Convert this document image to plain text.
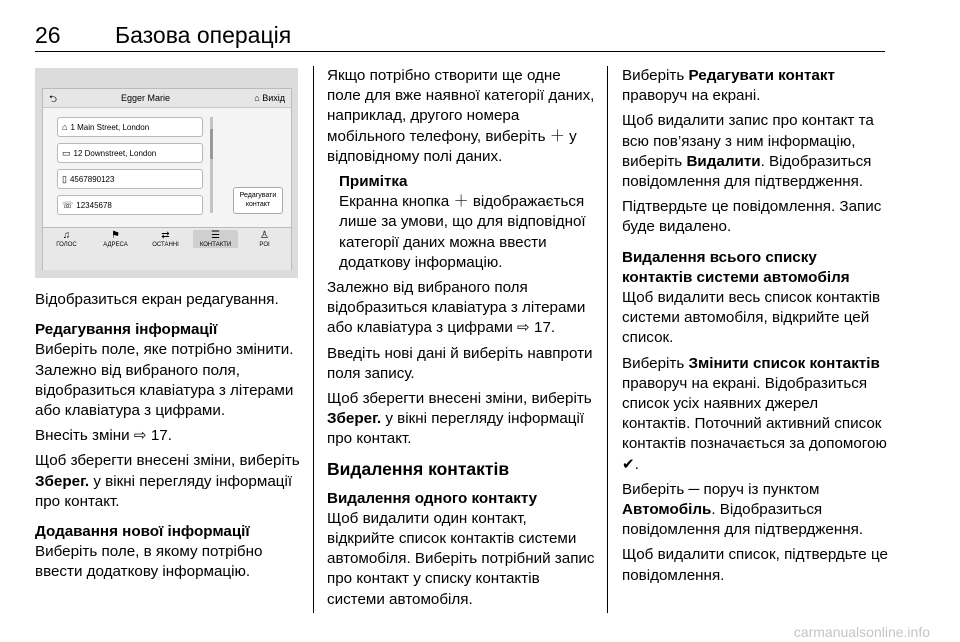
26 Базова операція
⮌	Egger Marie	⌂ Вихід
⌂ 1 Main Street, London
▭ 12 Downstreet, London
▯ 4567890123
☏ 12345678
Редагувати контакт
♫
ГОЛОС
⚑
АДРЕСА
⇄
ОСТАННІ
☰
КОНТАКТИ
♙
POI

Відобразиться екран редагування.

Редагування інформації

Виберіть поле, яке потрібно змінити. Залежно від вибраного поля, відобразиться клавіатура з літерами або клавіатура з цифрами.

Внесіть зміни ⇨ 17.

Щоб зберегти внесені зміни, виберіть Зберег. у вікні перегляду інформації про контакт.

Додавання нової інформації

Виберіть поле, в якому потрібно ввести додаткову інформацію.

Якщо потрібно створити ще одне поле для вже наявної категорії даних, наприклад, другого номера мобільного телефону, виберіть ＋ у відповідному полі даних.

Примітка

Екранна кнопка ＋ відображається лише за умови, що для відповідної категорії даних можна ввести додаткову інформацію.

Залежно від вибраного поля відобразиться клавіатура з літерами або клавіатура з цифрами ⇨ 17.

Введіть нові дані й виберіть навпроти поля запису.

Щоб зберегти внесені зміни, виберіть Зберег. у вікні перегляду інформації про контакт.

Видалення контактів
Видалення одного контакту

Щоб видалити один контакт, відкрийте список контактів системи автомобіля. Виберіть потрібний запис про контакт у списку контактів системи автомобіля.

Виберіть Редагувати контакт праворуч на екрані.

Щоб видалити запис про контакт та всю пов’язану з ним інформацію, виберіть Видалити. Відобразиться повідомлення для підтвердження.

Підтвердьте це повідомлення. Запис буде видалено.

Видалення всього списку контактів системи автомобіля

Щоб видалити весь список контактів системи автомобіля, відкрийте цей список.

Виберіть Змінити список контактів праворуч на екрані. Відобразиться список усіх наявних джерел контактів. Поточний активний список контактів позначається за допомогою ✔.

Виберіть ─ поруч із пунктом Автомобіль. Відобразиться повідомлення для підтвердження.

Щоб видалити список, підтвердьте це повідомлення.

carmanualsonline.info
